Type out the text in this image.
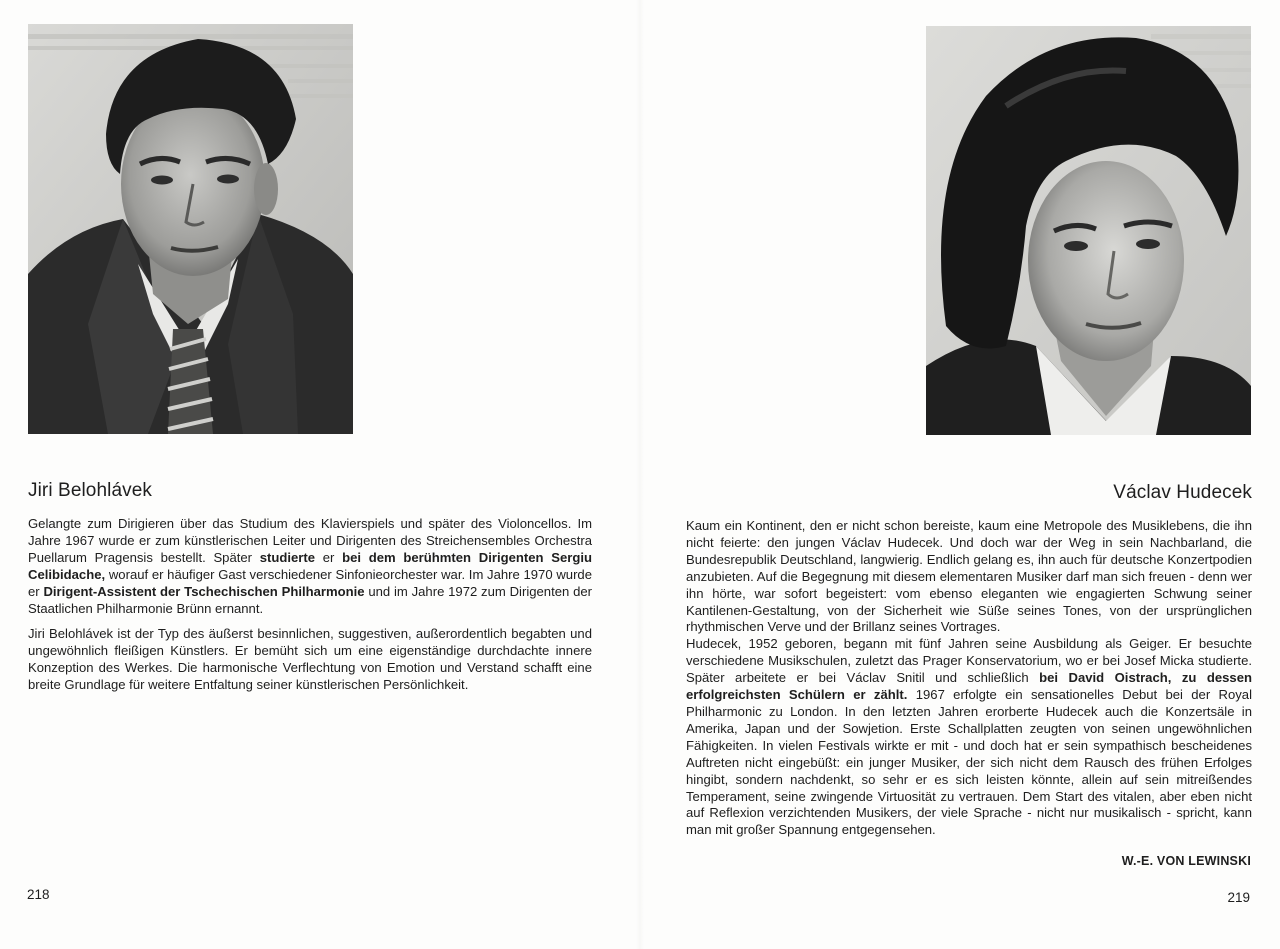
Jiri Belohlávek

Gelangte zum Dirigieren über das Studium des Klavierspiels und später des Violoncellos. Im Jahre 1967 wurde er zum künstlerischen Leiter und Dirigenten des Streichensembles Orchestra Puellarum Pragensis bestellt. Später studierte er bei dem berühmten Dirigenten Sergiu Celibidache, worauf er häufiger Gast verschiedener Sinfonieorchester war. Im Jahre 1970 wurde er Dirigent-Assistent der Tschechischen Philharmonie und im Jahre 1972 zum Dirigenten der Staatlichen Philharmonie Brünn ernannt.

Jiri Belohlávek ist der Typ des äußerst besinnlichen, suggestiven, außerordentlich begabten und ungewöhnlich fleißigen Künstlers. Er bemüht sich um eine eigenständige durchdachte innere Konzeption des Werkes. Die harmonische Verflechtung von Emotion und Verstand schafft eine breite Grundlage für weitere Entfaltung seiner künstlerischen Persönlichkeit.

218

Václav Hudecek

Kaum ein Kontinent, den er nicht schon bereiste, kaum eine Metropole des Musiklebens, die ihn nicht feierte: den jungen Václav Hudecek. Und doch war der Weg in sein Nachbarland, die Bundesrepublik Deutschland, langwierig. Endlich gelang es, ihn auch für deutsche Konzertpodien anzubieten. Auf die Begegnung mit diesem elementaren Musiker darf man sich freuen - denn wer ihn hörte, war sofort begeistert: vom ebenso eleganten wie engagierten Schwung seiner Kantilenen-Gestaltung, von der Sicherheit wie Süße seines Tones, von der ursprünglichen rhythmischen Verve und der Brillanz seines Vortrages.

Hudecek, 1952 geboren, begann mit fünf Jahren seine Ausbildung als Geiger. Er besuchte verschiedene Musikschulen, zuletzt das Prager Konservatorium, wo er bei Josef Micka studierte. Später arbeitete er bei Václav Snitil und schließlich bei David Oistrach, zu dessen erfolgreichsten Schülern er zählt. 1967 erfolgte ein sensationelles Debut bei der Royal Philharmonic zu London. In den letzten Jahren erorberte Hudecek auch die Konzertsäle in Amerika, Japan und der Sowjetion. Erste Schallplatten zeugten von seinen ungewöhnlichen Fähigkeiten. In vielen Festivals wirkte er mit - und doch hat er sein sympathisch bescheidenes Auftreten nicht eingebüßt: ein junger Musiker, der sich nicht dem Rausch des frühen Erfolges hingibt, sondern nachdenkt, so sehr er es sich leisten könnte, allein auf sein mitreißendes Temperament, seine zwingende Virtuosität zu vertrauen. Dem Start des vitalen, aber eben nicht auf Reflexion verzichtenden Musikers, der viele Sprache - nicht nur musikalisch - spricht, kann man mit großer Spannung entgegensehen.

W.-E. VON LEWINSKI

219
